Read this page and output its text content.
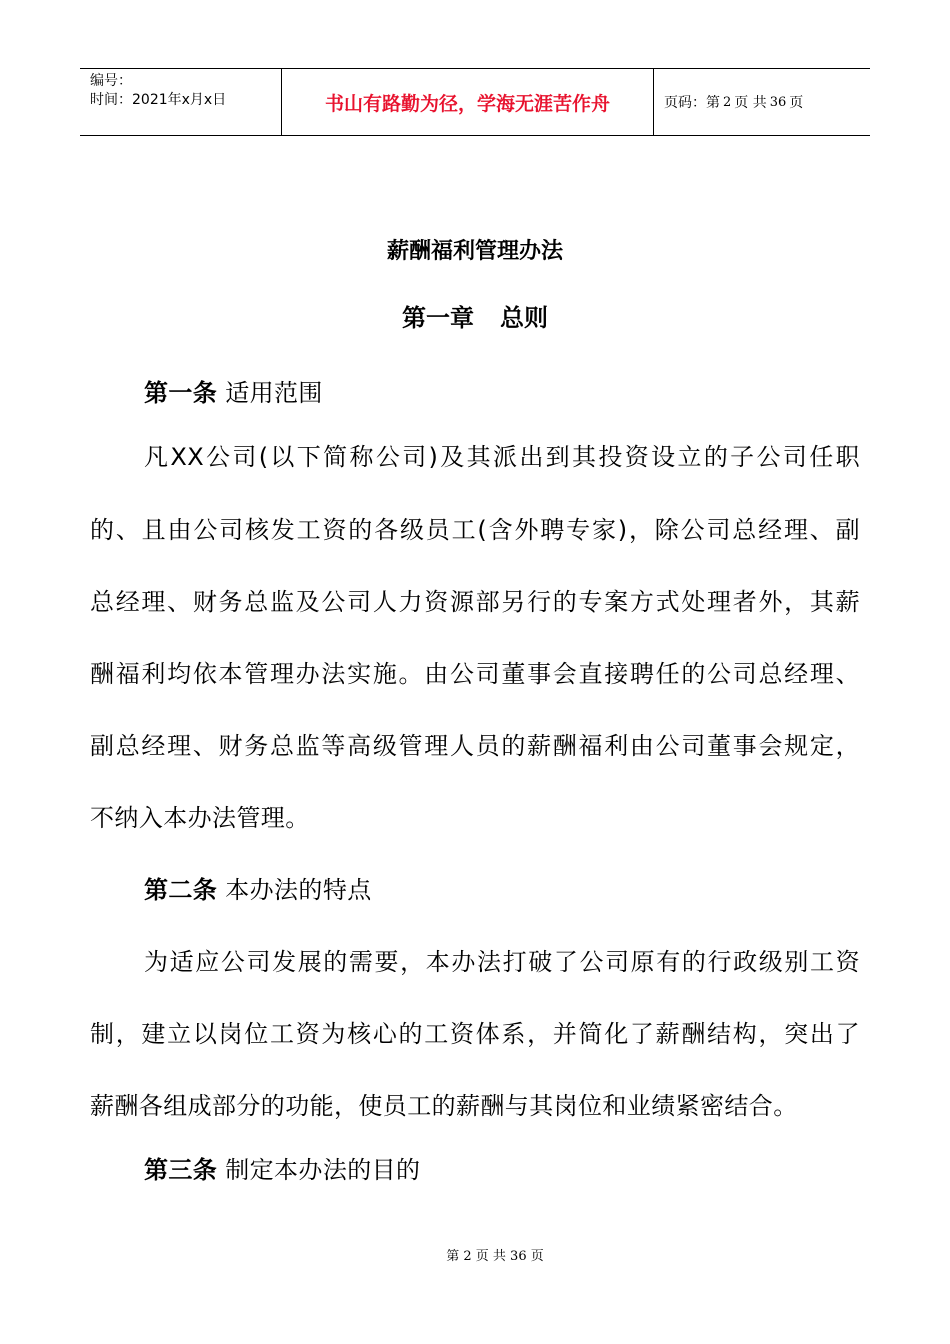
编号：
时间：2021年x月x日	书山有路勤为径，学海无涯苦作舟	页码：第 2 页 共 36 页
薪酬福利管理办法
第一章 总则
第一条 适用范围
凡XX公司(以下简称公司)及其派出到其投资设立的子公司任职
的、且由公司核发工资的各级员工(含外聘专家)，除公司总经理、副
总经理、财务总监及公司人力资源部另行的专案方式处理者外，其薪
酬福利均依本管理办法实施。由公司董事会直接聘任的公司总经理、
副总经理、财务总监等高级管理人员的薪酬福利由公司董事会规定，
不纳入本办法管理。
第二条 本办法的特点
为适应公司发展的需要，本办法打破了公司原有的行政级别工资
制，建立以岗位工资为核心的工资体系，并简化了薪酬结构，突出了
薪酬各组成部分的功能，使员工的薪酬与其岗位和业绩紧密结合。
第三条 制定本办法的目的
第 2 页 共 36 页
